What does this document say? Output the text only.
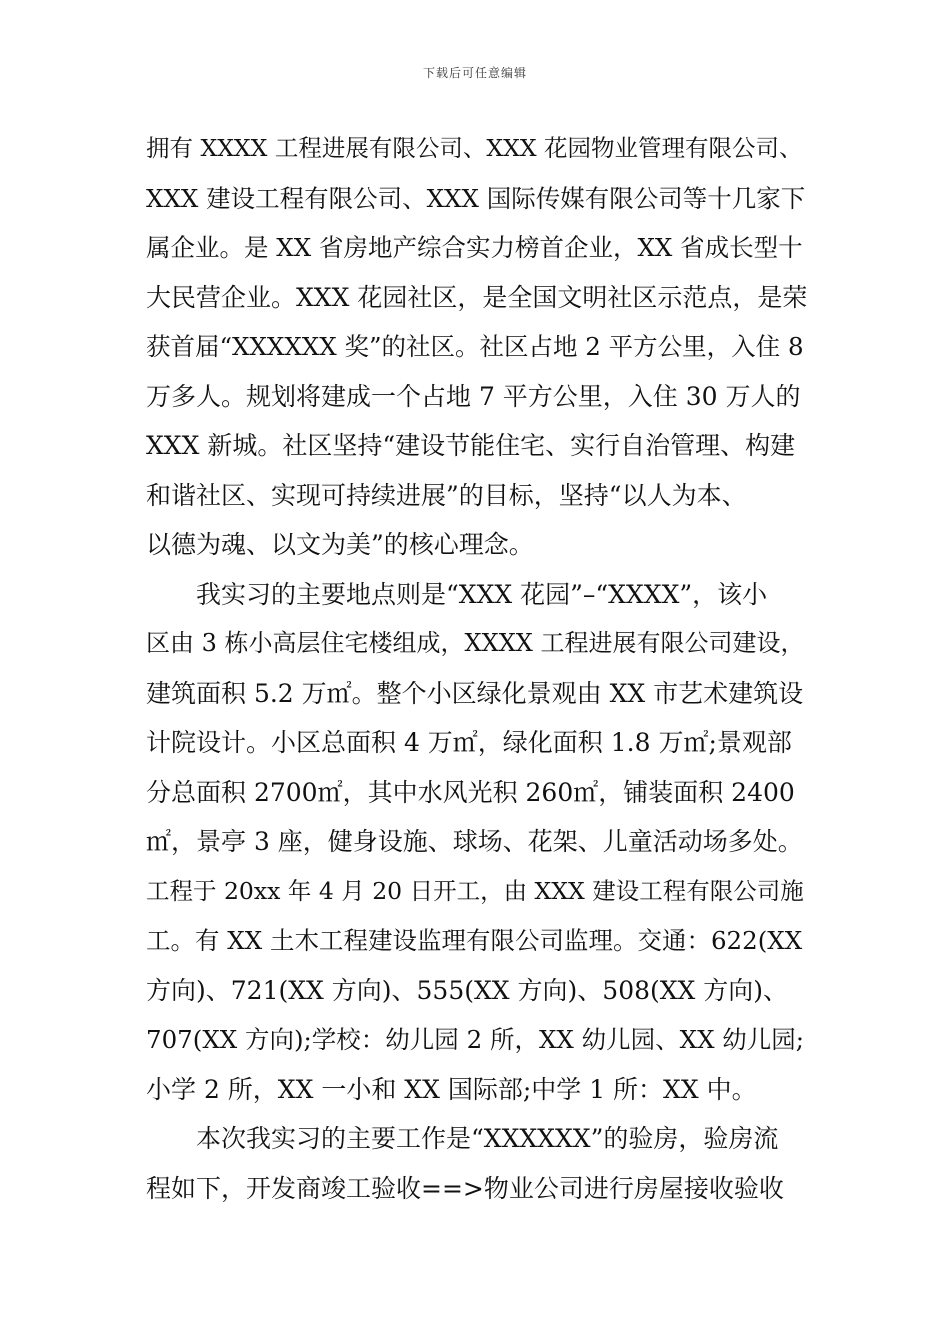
下载后可任意编辑
拥有 XXXX 工程进展有限公司、XXX 花园物业管理有限公司、
XXX 建设工程有限公司、XXX 国际传媒有限公司等十几家下
属企业。是 XX 省房地产综合实力榜首企业，XX 省成长型十
大民营企业。XXX 花园社区，是全国文明社区示范点，是荣
获首届“XXXXXX 奖”的社区。社区占地 2 平方公里，入住 8
万多人。规划将建成一个占地 7 平方公里，入住 30 万人的
XXX 新城。社区坚持“建设节能住宅、实行自治管理、构建
和谐社区、实现可持续进展”的目标，坚持“以人为本、
以德为魂、以文为美”的核心理念。
我实习的主要地点则是“XXX 花园”–“XXXX”，该小
区由 3 栋小高层住宅楼组成，XXXX 工程进展有限公司建设，
建筑面积 5.2 万㎡。整个小区绿化景观由 XX 市艺术建筑设
计院设计。小区总面积 4 万㎡，绿化面积 1.8 万㎡;景观部
分总面积 2700㎡，其中水风光积 260㎡，铺装面积 2400
㎡，景亭 3 座，健身设施、球场、花架、儿童活动场多处。
工程于 20xx 年 4 月 20 日开工，由 XXX 建设工程有限公司施
工。有 XX 土木工程建设监理有限公司监理。交通：622(XX
方向)、721(XX 方向)、555(XX 方向)、508(XX 方向)、
707(XX 方向);学校：幼儿园 2 所，XX 幼儿园、XX 幼儿园;
小学 2 所，XX 一小和 XX 国际部;中学 1 所：XX 中。
本次我实习的主要工作是“XXXXXX”的验房，验房流
程如下，开发商竣工验收==>物业公司进行房屋接收验收
